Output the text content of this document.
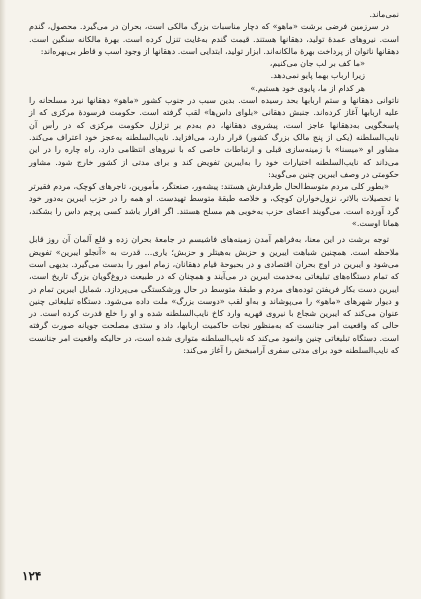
نمی‌ماند.

در سرزمین فرضی برشت «ماهو» که دچار مناسبات بزرگ مالکی است، بحران در می‌گیرد. محصول، گندم است. نیروهای عمدهٔ تولید، دهقانها هستند. قیمت گندم به‌غایت تنزل کرده است. بهرهٔ مالکانه سنگین است. دهقانها ناتوان از پرداخت بهرهٔ مالکانه‌اند. ابزار تولید، ابتدایی است. دهقانها از وجود اسب و قاطر بی‌بهره‌اند:

«ما کف بر لب جان می‌کنیم،
زیرا ارباب بهما پایو نمی‌دهد.
هر کدام از ما، پایوی خود هستیم.»

ناتوانی دهقانها و ستم اربابها بحد رسیده است. بدین سبب در جنوب کشور «ماهو» دهقانها نیرد مسلحانه را علیه اربابها آغاز کرده‌اند. جنبش دهقانی «بلوای داس‌ها» لقب گرفته است. حکومت فرسودهٔ مرکزی که از پاسخگویی به‌دهقانها عاجز است، پیشروی دهقانها، دم به‌دم بر تزلزل حکومت مرکزی که در رأس آن نایب‌السلطنه (یکی از پنج مالک بزرگ کشور) قرار دارد، می‌افزاید. نایب‌السلطنه به‌عجز خود اعتراف می‌کند. مشاور او «میسنا» با زمینه‌سازی قبلی و ارتباطات خاصی که با نیروهای انتظامی دارد، راه چاره را در این می‌داند که نایب‌السلطنه اختیارات خود را به‌ایبرین تفویض کند و برای مدتی از کشور خارج شود. مشاور حکومتی در وصف ایبرین چنین می‌گوید:

«بطور کلی مردم متوسط‌الحال طرفدارش هستند: پیشه‌ور، صنعتگر، مأمورین، تاجرهای کوچک، مردم فقیرتر با تحصیلات بالاتر، نزول‌خواران کوچک، و خلاصه طبقهٔ متوسط تهیدست. او همه را در حزب ایبرین به‌دور خود گرد آورده است. می‌گویند اعضای حزب به‌خوبی هم مسلح هستند. اگر اقرار باشد کسی پرچم داس را بشکند، همانا اوست.»

توجه برشت در این معنا، به‌فراهم آمدن زمینه‌های فاشیسم در جامعهٔ بحران زده و قلع آلمان آن روز قابل ملاحظه است. همچنین شباهت ایبرین و حزبش به‌هیتلر و حزبش؛ یاری... قدرت به «آنجلو ایبرین» تفویض می‌شود و ایبرین در اوج بحران اقتصادی و در بحبوحهٔ قیام دهقانان، زمام امور را بدست می‌گیرد. بدیهی است که تمام دستگاه‌های تبلیغاتی به‌خدمت ایبرین در می‌آیند و همچنان که در طبیعت دروغ‌گویان بزرگ تاریخ است، ایبرین دست بکار فریفتن توده‌های مردم و طبقهٔ متوسط در حال ورشکستگی می‌پردازد. شمایل ایبرین تمام در و دیوار شهرهای «ماهو» را می‌پوشاند و به‌او لقب «دوست بزرگ» ملت داده می‌شود. دستگاه تبلیغاتی چنین عنوان می‌کند که ایبرین شجاع با نیروی قهریه وارد کاخ نایب‌السلطنه شده و او را خلع قدرت کرده است. در حالی که واقعیت امر جنانست که به‌منظور نجات حاکمیت اربابها، داد و ستدی مصلحت جویانه صورت گرفته است. دستگاه تبلیغاتی چنین وانمود می‌کند که نایب‌السلطنه متواری شده است، در حالیکه واقعیت امر جنانست که نایب‌السلطنه خود برای مدتی سفری آرامبخش را آغاز می‌کند:

۱۲۴
